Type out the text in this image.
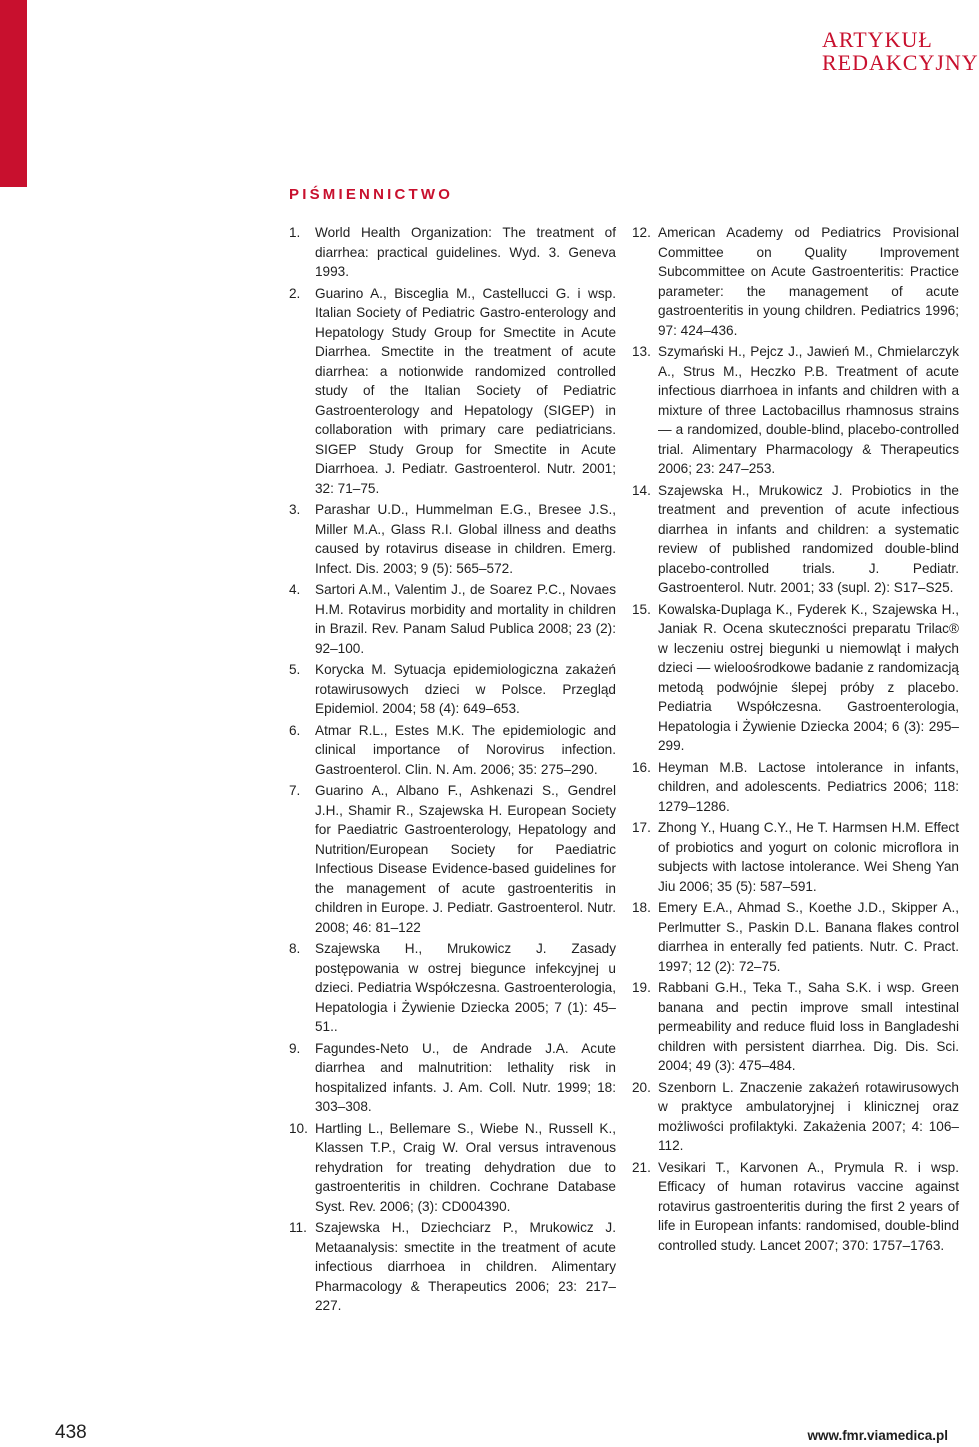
ARTYKUŁ
REDAKCYJNY
PIŚMIENNICTWO
1. World Health Organization: The treatment of diarrhea: practical guidelines. Wyd. 3. Geneva 1993.
2. Guarino A., Bisceglia M., Castellucci G. i wsp. Italian Society of Pediatric Gastro-enterology and Hepatology Study Group for Smectite in Acute Diarrhea. Smectite in the treatment of acute diarrhea: a notionwide randomized controlled study of the Italian Society of Pediatric Gastroenterology and Hepatology (SIGEP) in collaboration with primary care pediatricians. SIGEP Study Group for Smectite in Acute Diarrhoea. J. Pediatr. Gastroenterol. Nutr. 2001; 32: 71–75.
3. Parashar U.D., Hummelman E.G., Bresee J.S., Miller M.A., Glass R.I. Global illness and deaths caused by rotavirus disease in children. Emerg. Infect. Dis. 2003; 9 (5): 565–572.
4. Sartori A.M., Valentim J., de Soarez P.C., Novaes H.M. Rotavirus morbidity and mortality in children in Brazil. Rev. Panam Salud Publica 2008; 23 (2): 92–100.
5. Korycka M. Sytuacja epidemiologiczna zakażeń rotawirusowych dzieci w Polsce. Przegląd Epidemiol. 2004; 58 (4): 649–653.
6. Atmar R.L., Estes M.K. The epidemiologic and clinical importance of Norovirus infection. Gastroenterol. Clin. N. Am. 2006; 35: 275–290.
7. Guarino A., Albano F., Ashkenazi S., Gendrel J.H., Shamir R., Szajewska H. European Society for Paediatric Gastroenterology, Hepatology and Nutrition/European Society for Paediatric Infectious Disease Evidence-based guidelines for the management of acute gastroenteritis in children in Europe. J. Pediatr. Gastroenterol. Nutr. 2008; 46: 81–122
8. Szajewska H., Mrukowicz J. Zasady postępowania w ostrej biegunce infekcyjnej u dzieci. Pediatria Współczesna. Gastroenterologia, Hepatologia i Żywienie Dziecka 2005; 7 (1): 45–51..
9. Fagundes-Neto U., de Andrade J.A. Acute diarrhea and malnutrition: lethality risk in hospitalized infants. J. Am. Coll. Nutr. 1999; 18: 303–308.
10. Hartling L., Bellemare S., Wiebe N., Russell K., Klassen T.P., Craig W. Oral versus intravenous rehydration for treating dehydration due to gastroenteritis in children. Cochrane Database Syst. Rev. 2006; (3): CD004390.
11. Szajewska H., Dziechciarz P., Mrukowicz J. Metaanalysis: smectite in the treatment of acute infectious diarrhoea in children. Alimentary Pharmacology & Therapeutics 2006; 23: 217–227.
12. American Academy od Pediatrics Provisional Committee on Quality Improvement Subcommittee on Acute Gastroenteritis: Practice parameter: the management of acute gastroenteritis in young children. Pediatrics 1996; 97: 424–436.
13. Szymański H., Pejcz J., Jawień M., Chmielarczyk A., Strus M., Heczko P.B. Treatment of acute infectious diarrhoea in infants and children with a mixture of three Lactobacillus rhamnosus strains — a randomized, double-blind, placebo-controlled trial. Alimentary Pharmacology & Therapeutics 2006; 23: 247–253.
14. Szajewska H., Mrukowicz J. Probiotics in the treatment and prevention of acute infectious diarrhea in infants and children: a systematic review of published randomized double-blind placebo-controlled trials. J. Pediatr. Gastroenterol. Nutr. 2001; 33 (supl. 2): S17–S25.
15. Kowalska-Duplaga K., Fyderek K., Szajewska H., Janiak R. Ocena skuteczności preparatu Trilac® w leczeniu ostrej biegunki u niemowląt i małych dzieci — wieloośrodkowe badanie z randomizacją metodą podwójnie ślepej próby z placebo. Pediatria Współczesna. Gastroenterologia, Hepatologia i Żywienie Dziecka 2004; 6 (3): 295–299.
16. Heyman M.B. Lactose intolerance in infants, children, and adolescents. Pediatrics 2006; 118: 1279–1286.
17. Zhong Y., Huang C.Y., He T. Harmsen H.M. Effect of probiotics and yogurt on colonic microflora in subjects with lactose intolerance. Wei Sheng Yan Jiu 2006; 35 (5): 587–591.
18. Emery E.A., Ahmad S., Koethe J.D., Skipper A., Perlmutter S., Paskin D.L. Banana flakes control diarrhea in enterally fed patients. Nutr. C. Pract. 1997; 12 (2): 72–75.
19. Rabbani G.H., Teka T., Saha S.K. i wsp. Green banana and pectin improve small intestinal permeability and reduce fluid loss in Bangladeshi children with persistent diarrhea. Dig. Dis. Sci. 2004; 49 (3): 475–484.
20. Szenborn L. Znaczenie zakażeń rotawirusowych w praktyce ambulatoryjnej i klinicznej oraz możliwości profilaktyki. Zakażenia 2007; 4: 106–112.
21. Vesikari T., Karvonen A., Prymula R. i wsp. Efficacy of human rotavirus vaccine against rotavirus gastroenteritis during the first 2 years of life in European infants: randomised, double-blind controlled study. Lancet 2007; 370: 1757–1763.
438	www.fmr.viamedica.pl
